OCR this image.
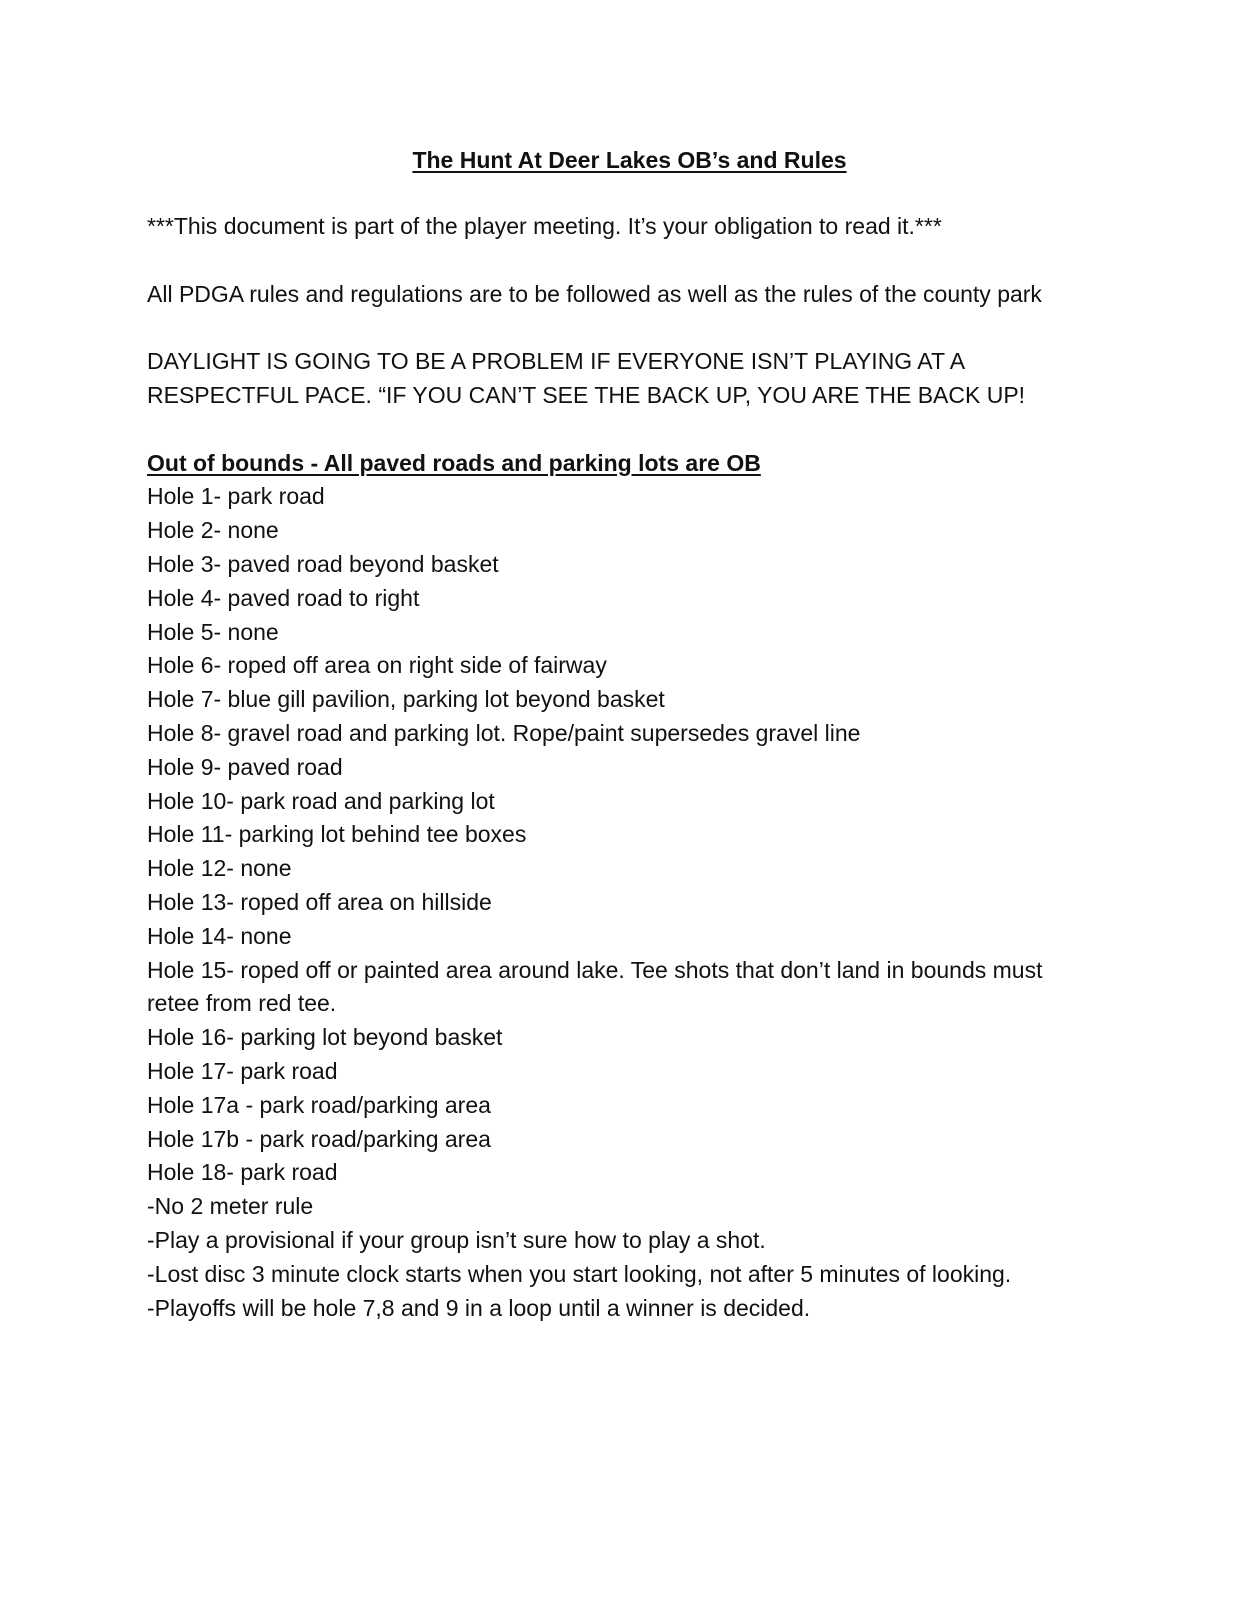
The Hunt At Deer Lakes OB’s and Rules
***This document is part of the player meeting. It’s your obligation to read it.***
All PDGA rules and regulations are to be followed as well as the rules of the county park
DAYLIGHT IS GOING TO BE A PROBLEM IF EVERYONE ISN’T PLAYING AT A
RESPECTFUL PACE. “IF YOU CAN’T SEE THE BACK UP, YOU ARE THE BACK UP!
Out of bounds - All paved roads and parking lots are OB
Hole 1- park road
Hole 2- none
Hole 3- paved road beyond basket
Hole 4- paved road to right
Hole 5- none
Hole 6- roped off area on right side of fairway
Hole 7- blue gill pavilion, parking lot beyond basket
Hole 8- gravel road and parking lot. Rope/paint supersedes gravel line
Hole 9- paved road
Hole 10- park road and parking lot
Hole 11- parking lot behind tee boxes
Hole 12- none
Hole 13- roped off area on hillside
Hole 14- none
Hole 15- roped off or painted area around lake. Tee shots that don’t land in bounds must
retee from red tee.
Hole 16- parking lot beyond basket
Hole 17- park road
Hole 17a - park road/parking area
Hole 17b - park road/parking area
Hole 18- park road
-No 2 meter rule
-Play a provisional if your group isn’t sure how to play a shot.
-Lost disc 3 minute clock starts when you start looking, not after 5 minutes of looking.
-Playoffs will be hole 7,8 and 9 in a loop until a winner is decided.
